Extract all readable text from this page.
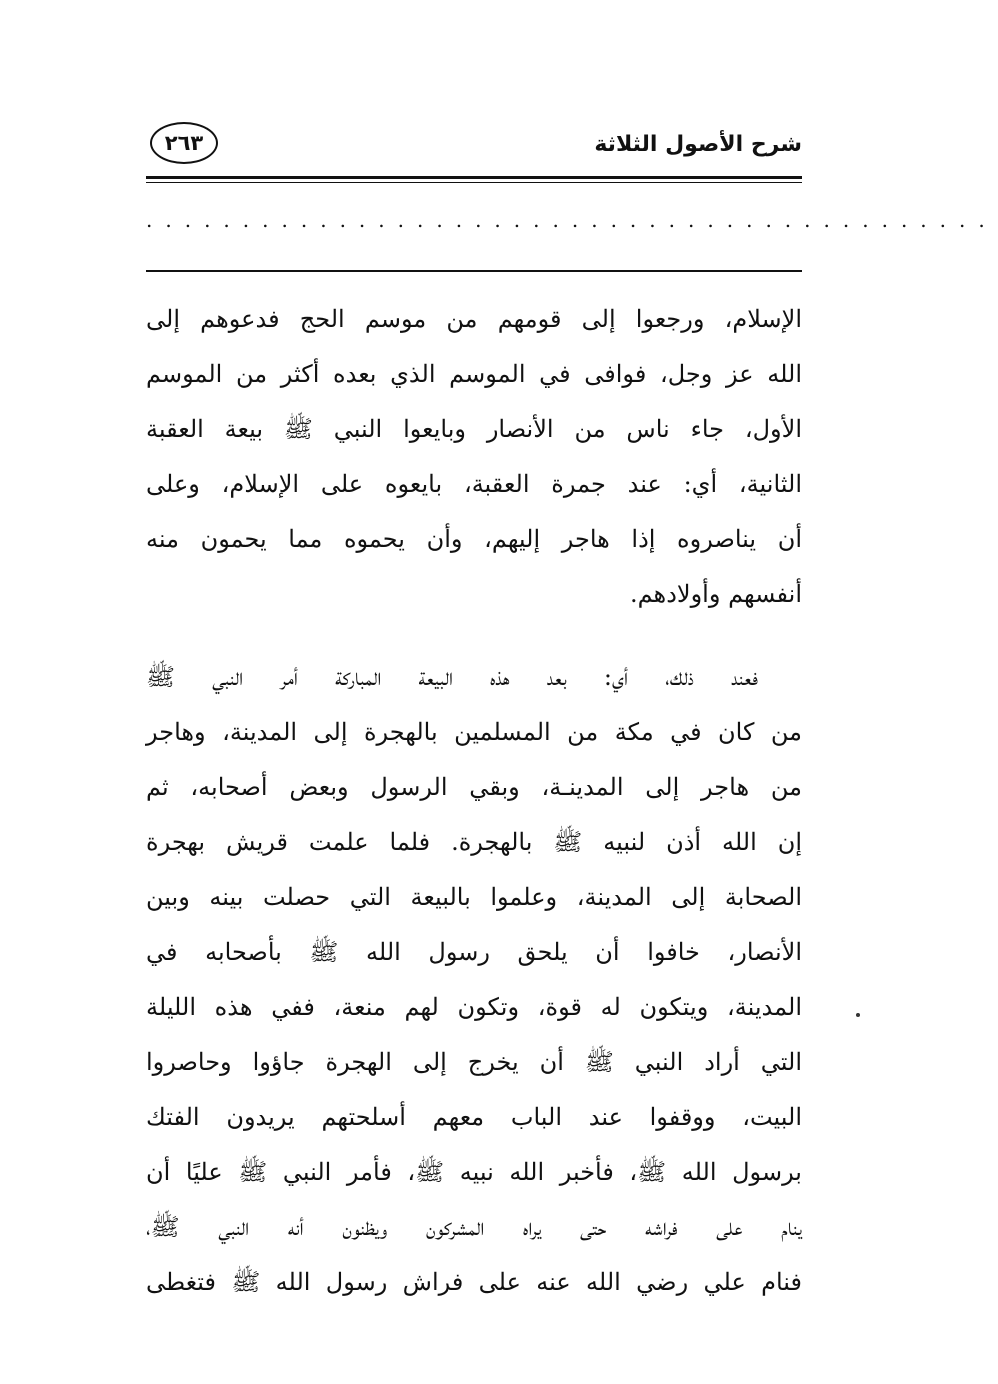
شرح الأصول الثلاثة
٢٦٣
............................................
الإسلام، ورجعوا إلى قومهم من موسم الحج فدعوهم إلى
الله عز وجل، فوافى في الموسم الذي بعده أكثر من الموسم
الأول، جاء ناس من الأنصار وبايعوا النبي ﷺ بيعة العقبة
الثانية، أي: عند جمرة العقبة، بايعوه على الإسلام، وعلى
أن يناصروه إذا هاجر إليهم، وأن يحموه مما يحمون منه
أنفسهم وأولادهم.
فعند ذلك، أي: بعد هذه البيعة المباركة أمر النبي ﷺ
من كان في مكة من المسلمين بالهجرة إلى المدينة، وهاجر
من هاجر إلى المدينـة، وبقي الرسول وبعض أصحابه، ثم
إن الله أذن لنبيه ﷺ بالهجرة. فلما علمت قريش بهجرة
الصحابة إلى المدينة، وعلموا بالبيعة التي حصلت بينه وبين
الأنصار، خافوا أن يلحق رسول الله ﷺ بأصحابه في
المدينة، ويتكون له قوة، وتكون لهم منعة، ففي هذه الليلة
التي أراد النبي ﷺ أن يخرج إلى الهجرة جاؤوا وحاصروا
البيت، ووقفوا عند الباب معهم أسلحتهم يريدون الفتك
برسول الله ﷺ، فأخبر الله نبيه ﷺ، فأمر النبي ﷺ عليًا أن
ينام على فراشه حتى يراه المشركون ويظنون أنه النبي ﷺ،
فنام علي رضي الله عنه على فراش رسول الله ﷺ فتغطى
